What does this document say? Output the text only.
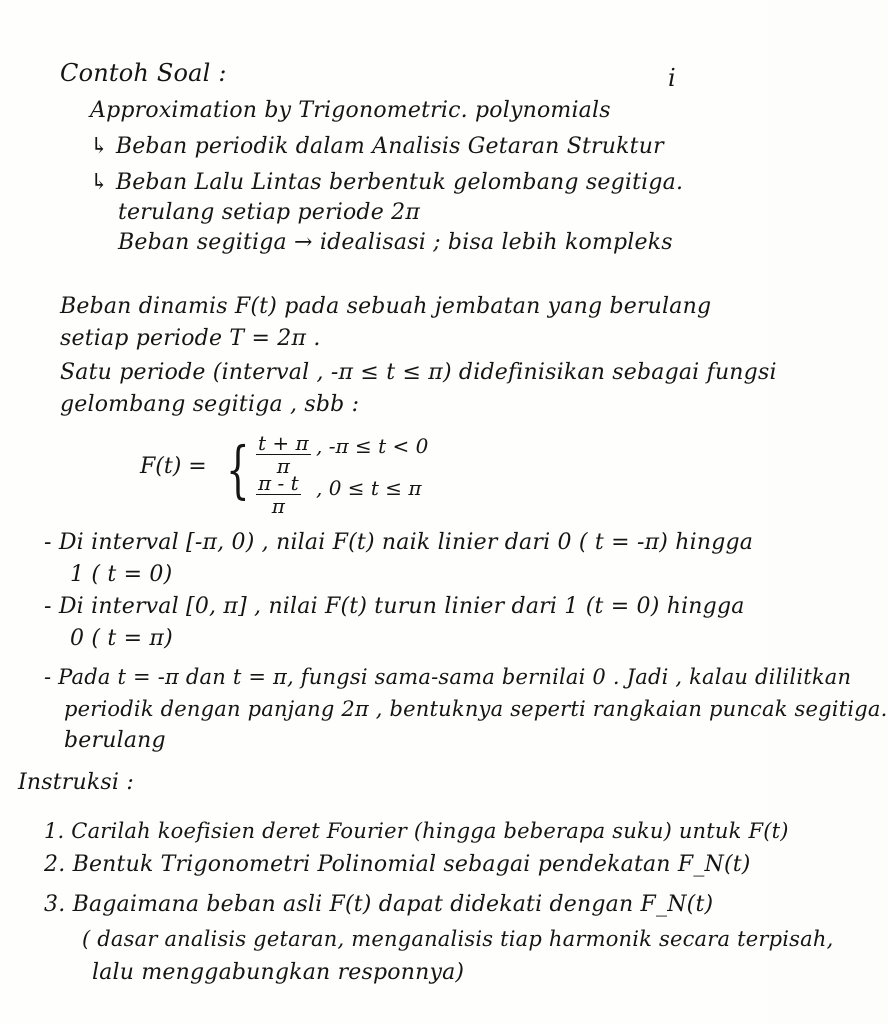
i
Contoh Soal :
Approximation by Trigonometric. polynomials
↳ Beban periodik dalam Analisis Getaran Struktur
↳ Beban Lalu Lintas berbentuk gelombang segitiga.
terulang setiap periode 2π
Beban segitiga → idealisasi ; bisa lebih kompleks
Beban dinamis F(t) pada sebuah jembatan yang berulang
setiap periode T = 2π .
Satu periode (interval , -π ≤ t ≤ π) didefinisikan sebagai fungsi
gelombang segitiga , sbb :
F(t) = { $\frac{t + \pi}{\pi}$ , -π ≤ t < 0
$\frac{\pi - t}{\pi}$ , 0 ≤ t ≤ π
- Di interval [-π, 0) , nilai F(t) naik linier dari 0 ( t = -π) hingga
1 ( t = 0)
- Di interval [0, π] , nilai F(t) turun linier dari 1 (t = 0) hingga
0 ( t = π)
- Pada t = -π dan t = π, fungsi sama-sama bernilai 0 . Jadi , kalau dililitkan
periodik dengan panjang 2π , bentuknya seperti rangkaian puncak segitiga.
berulang
Instruksi :
1. Carilah koefisien deret Fourier (hingga beberapa suku) untuk F(t)
2. Bentuk Trigonometri Polinomial sebagai pendekatan F_N(t)
3. Bagaimana beban asli F(t) dapat didekati dengan F_N(t)
( dasar analisis getaran, menganalisis tiap harmonik secara terpisah,
lalu menggabungkan responnya)
